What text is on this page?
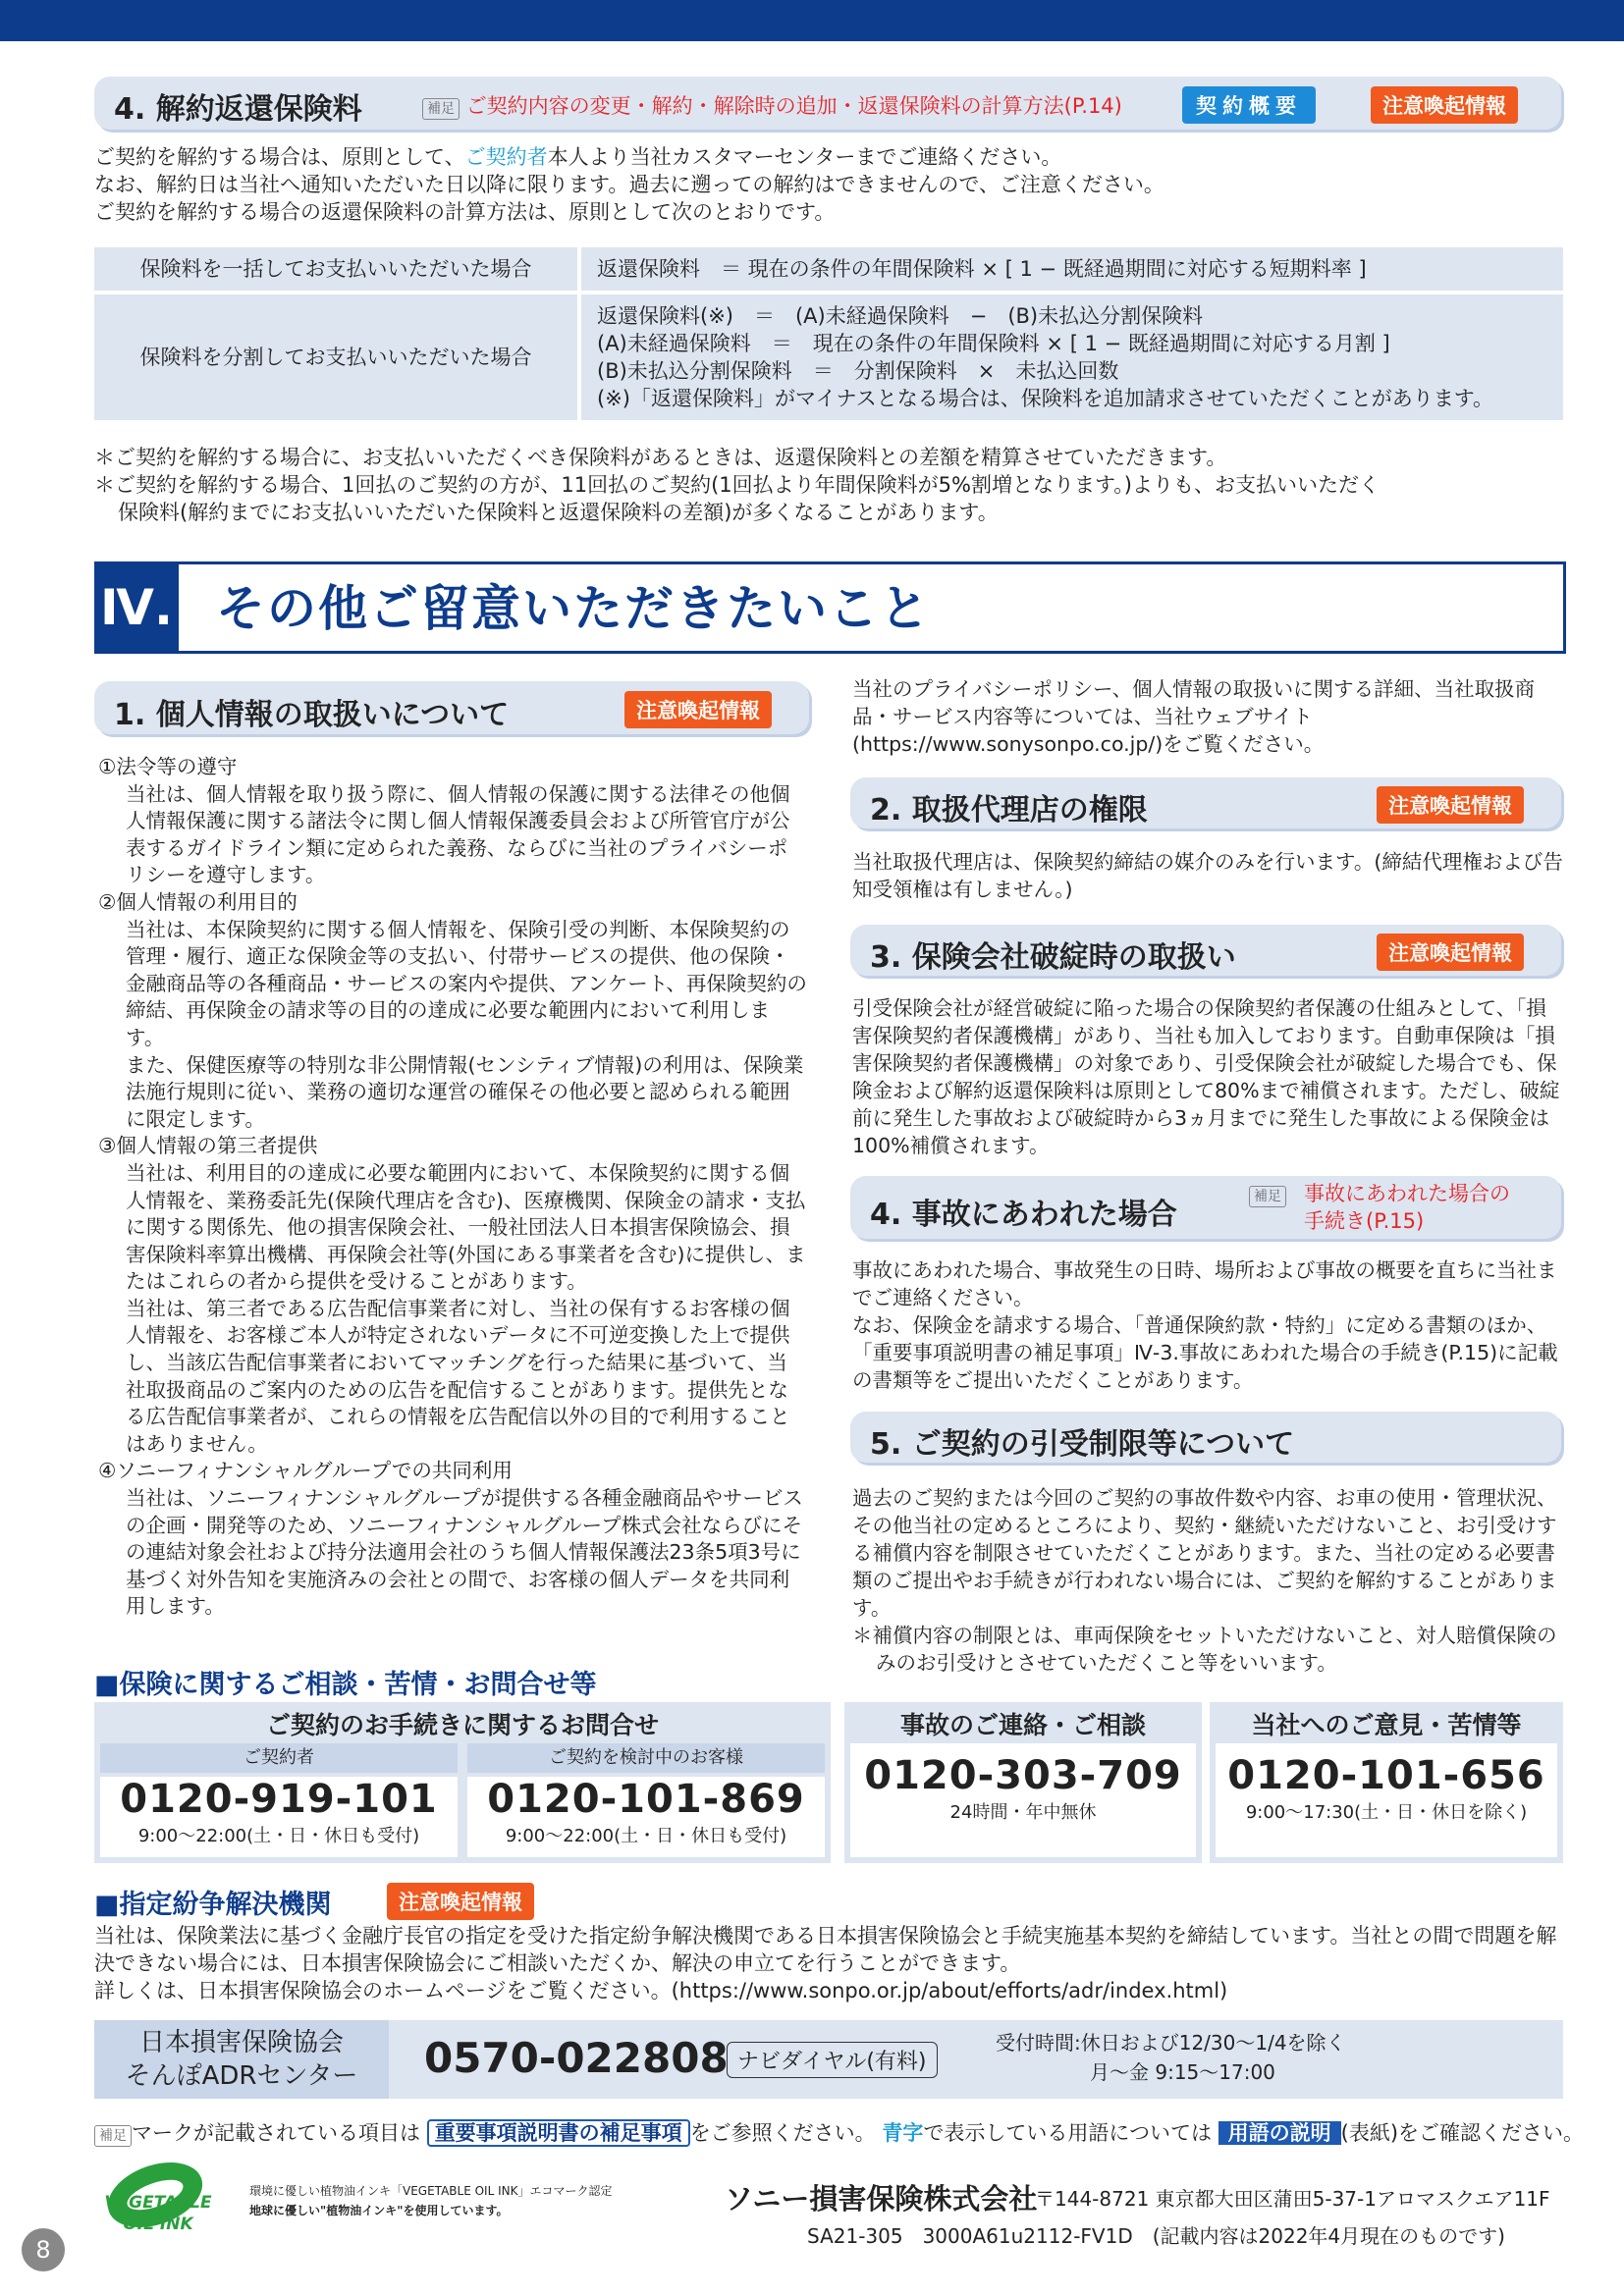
4. 解約返還保険料	補足 ご契約内容の変更・解約・解除時の追加・返還保険料の計算方法(P.14)	契約概要	注意喚起情報

ご契約を解約する場合は、原則として、ご契約者本人より当社カスタマーセンターまでご連絡ください。

なお、解約日は当社へ通知いただいた日以降に限ります。過去に遡っての解約はできませんので、ご注意ください。

ご契約を解約する場合の返還保険料の計算方法は、原則として次のとおりです。

保険料を一括してお支払いいただいた場合	返還保険料　＝ 現在の条件の年間保険料 × [ 1 − 既経過期間に対応する短期料率 ]
保険料を分割してお支払いいただいた場合	返還保険料(※)　＝　(A)未経過保険料　−　(B)未払込分割保険料
(A)未経過保険料　＝　現在の条件の年間保険料 × [ 1 − 既経過期間に対応する月割 ]
(B)未払込分割保険料　＝　分割保険料　×　未払込回数
(※)「返還保険料」がマイナスとなる場合は、保険料を追加請求させていただくことがあります。

＊ご契約を解約する場合に、お支払いいただくべき保険料があるときは、返還保険料との差額を精算させていただきます。

＊ご契約を解約する場合、1回払のご契約の方が、11回払のご契約(1回払より年間保険料が5%割増となります。)よりも、お支払いいただく

保険料(解約までにお支払いいただいた保険料と返還保険料の差額)が多くなることがあります。

Ⅳ. その他ご留意いただきたいこと
1. 個人情報の取扱いについて	注意喚起情報

①法令等の遵守

当社は、個人情報を取り扱う際に、個人情報の保護に関する法律その他個人情報保護に関する諸法令に関し個人情報保護委員会および所管官庁が公表するガイドライン類に定められた義務、ならびに当社のプライバシーポリシーを遵守します。

②個人情報の利用目的

当社は、本保険契約に関する個人情報を、保険引受の判断、本保険契約の管理・履行、適正な保険金等の支払い、付帯サービスの提供、他の保険・金融商品等の各種商品・サービスの案内や提供、アンケート、再保険契約の締結、再保険金の請求等の目的の達成に必要な範囲内において利用します。

また、保健医療等の特別な非公開情報(センシティブ情報)の利用は、保険業法施行規則に従い、業務の適切な運営の確保その他必要と認められる範囲に限定します。

③個人情報の第三者提供

当社は、利用目的の達成に必要な範囲内において、本保険契約に関する個人情報を、業務委託先(保険代理店を含む)、医療機関、保険金の請求・支払に関する関係先、他の損害保険会社、一般社団法人日本損害保険協会、損害保険料率算出機構、再保険会社等(外国にある事業者を含む)に提供し、またはこれらの者から提供を受けることがあります。

当社は、第三者である広告配信事業者に対し、当社の保有するお客様の個人情報を、お客様ご本人が特定されないデータに不可逆変換した上で提供し、当該広告配信事業者においてマッチングを行った結果に基づいて、当社取扱商品のご案内のための広告を配信することがあります。提供先となる広告配信事業者が、これらの情報を広告配信以外の目的で利用することはありません。

④ソニーフィナンシャルグループでの共同利用

当社は、ソニーフィナンシャルグループが提供する各種金融商品やサービスの企画・開発等のため、ソニーフィナンシャルグループ株式会社ならびにその連結対象会社および持分法適用会社のうち個人情報保護法23条5項3号に基づく対外告知を実施済みの会社との間で、お客様の個人データを共同利用します。

当社のプライバシーポリシー、個人情報の取扱いに関する詳細、当社取扱商品・サービス内容等については、当社ウェブサイト(https://www.sonysonpo.co.jp/)をご覧ください。
2. 取扱代理店の権限	注意喚起情報
当社取扱代理店は、保険契約締結の媒介のみを行います。(締結代理権および告知受領権は有しません。)
3. 保険会社破綻時の取扱い	注意喚起情報
引受保険会社が経営破綻に陥った場合の保険契約者保護の仕組みとして、「損害保険契約者保護機構」があり、当社も加入しております。自動車保険は「損害保険契約者保護機構」の対象であり、引受保険会社が破綻した場合でも、保険金および解約返還保険料は原則として80%まで補償されます。ただし、破綻前に発生した事故および破綻時から3ヵ月までに発生した事故による保険金は100%補償されます。
4. 事故にあわれた場合
補足 事故にあわれた場合の
手続き(P.15)

事故にあわれた場合、事故発生の日時、場所および事故の概要を直ちに当社までご連絡ください。

なお、保険金を請求する場合、「普通保険約款・特約」に定める書類のほか、「重要事項説明書の補足事項」Ⅳ-3.事故にあわれた場合の手続き(P.15)に記載の書類等をご提出いただくことがあります。

5. ご契約の引受制限等について

過去のご契約または今回のご契約の事故件数や内容、お車の使用・管理状況、その他当社の定めるところにより、契約・継続いただけないこと、お引受けする補償内容を制限させていただくことがあります。また、当社の定める必要書類のご提出やお手続きが行われない場合には、ご契約を解約することがあります。

＊補償内容の制限とは、車両保険をセットいただけないこと、対人賠償保険のみのお引受けとさせていただくこと等をいいます。

■保険に関するご相談・苦情・お問合せ等
ご契約のお手続きに関するお問合せ
ご契約者	ご契約を検討中のお客様
0120-919-101
9:00〜22:00(土・日・休日も受付)
0120-101-869
9:00〜22:00(土・日・休日も受付)
事故のご連絡・ご相談
0120-303-709
24時間・年中無休
当社へのご意見・苦情等
0120-101-656
9:00〜17:30(土・日・休日を除く)
■指定紛争解決機関	注意喚起情報

当社は、保険業法に基づく金融庁長官の指定を受けた指定紛争解決機関である日本損害保険協会と手続実施基本契約を締結しています。当社との間で問題を解決できない場合には、日本損害保険協会にご相談いただくか、解決の申立てを行うことができます。

詳しくは、日本損害保険協会のホームページをご覧ください。(https://www.sonpo.or.jp/about/efforts/adr/index.html)

日本損害保険協会
そんぽADRセンター	0570-022808 ナビダイヤル(有料)
受付時間:休日および12/30〜1/4を除く
月〜金 9:15〜17:00
補足 マークが記載されている項目は 重要事項説明書の補足事項 をご参照ください。 青字で表示している用語については 用語の説明 (表紙)をご確認ください。
VEGETABLE
OIL INK
環境に優しい植物油インキ「VEGETABLE OIL INK」エコマーク認定
地球に優しい"植物油インキ"を使用しています。	ソニー損害保険株式会社
〒144-8721 東京都大田区蒲田5-37-1アロマスクエア11F
SA21-305　3000A61u2112-FV1D　(記載内容は2022年4月現在のものです)
8
